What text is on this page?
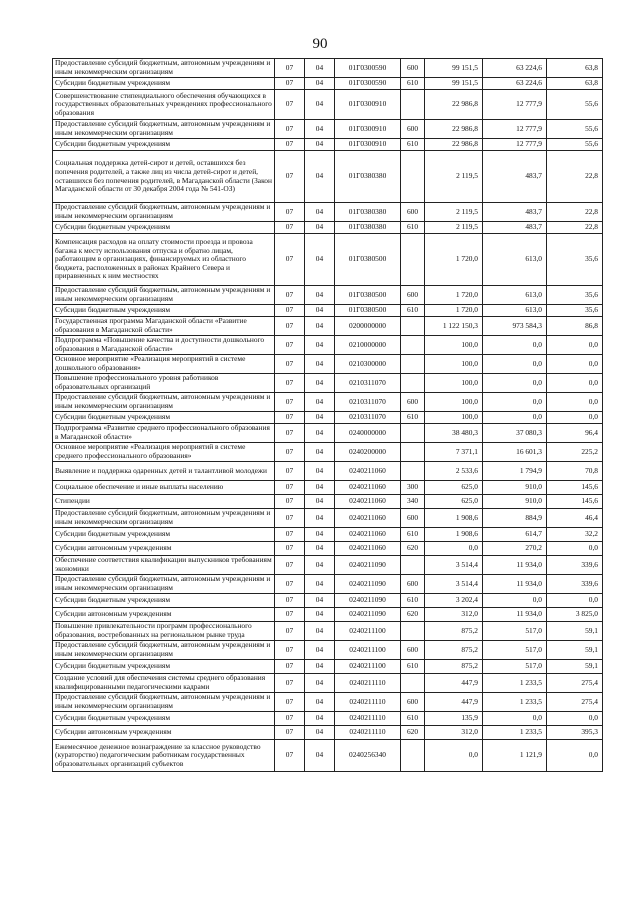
90
Предоставление субсидий бюджетным, автономным учреждениям и иным некоммерческим организациям	07	04	01Г0300590	600	99 151,5	63 224,6	63,8
Субсидии бюджетным учреждениям	07	04	01Г0300590	610	99 151,5	63 224,6	63,8
Совершенствование стипендиального обеспечения обучающихся в государственных образовательных учреждениях профессионального образования	07	04	01Г0300910		22 986,8	12 777,9	55,6
Предоставление субсидий бюджетным, автономным учреждениям и иным некоммерческим организациям	07	04	01Г0300910	600	22 986,8	12 777,9	55,6
Субсидии бюджетным учреждениям	07	04	01Г0300910	610	22 986,8	12 777,9	55,6
Социальная поддержка детей-сирот и детей, оставшихся без попечения родителей, а также лиц из числа детей-сирот и детей, оставшихся без попечения родителей, в Магаданской области (Закон Магаданской области от 30 декабря 2004 года № 541-ОЗ)	07	04	01Г0380380		2 119,5	483,7	22,8
Предоставление субсидий бюджетным, автономным учреждениям и иным некоммерческим организациям	07	04	01Г0380380	600	2 119,5	483,7	22,8
Субсидии бюджетным учреждениям	07	04	01Г0380380	610	2 119,5	483,7	22,8
Компенсация расходов на оплату стоимости проезда и провоза багажа к месту использования отпуска и обратно лицам, работающим в организациях, финансируемых из областного бюджета, расположенных в районах Крайнего Севера и приравненных к ним местностях	07	04	01Г0380500		1 720,0	613,0	35,6
Предоставление субсидий бюджетным, автономным учреждениям и иным некоммерческим организациям	07	04	01Г0380500	600	1 720,0	613,0	35,6
Субсидии бюджетным учреждениям	07	04	01Г0380500	610	1 720,0	613,0	35,6
Государственная программа Магаданской области «Развитие образования в Магаданской области»	07	04	0200000000		1 122 150,3	973 584,3	86,8
Подпрограмма «Повышение качества и доступности дошкольного образования в Магаданской области»	07	04	0210000000		100,0	0,0	0,0
Основное мероприятие «Реализация мероприятий в системе дошкольного образования»	07	04	0210300000		100,0	0,0	0,0
Повышение профессионального уровня работников образовательных организаций	07	04	0210311070		100,0	0,0	0,0
Предоставление субсидий бюджетным, автономным учреждениям и иным некоммерческим организациям	07	04	0210311070	600	100,0	0,0	0,0
Субсидии бюджетным учреждениям	07	04	0210311070	610	100,0	0,0	0,0
Подпрограмма «Развитие среднего профессионального образования в Магаданской области»	07	04	0240000000		38 480,3	37 080,3	96,4
Основное мероприятие «Реализация мероприятий в системе среднего профессионального образования»	07	04	0240200000		7 371,1	16 601,3	225,2
Выявление и поддержка одаренных детей и талантливой молодежи	07	04	0240211060		2 533,6	1 794,9	70,8
Социальное обеспечение и иные выплаты населению	07	04	0240211060	300	625,0	910,0	145,6
Стипендии	07	04	0240211060	340	625,0	910,0	145,6
Предоставление субсидий бюджетным, автономным учреждениям и иным некоммерческим организациям	07	04	0240211060	600	1 908,6	884,9	46,4
Субсидии бюджетным учреждениям	07	04	0240211060	610	1 908,6	614,7	32,2
Субсидии автономным учреждениям	07	04	0240211060	620	0,0	270,2	0,0
Обеспечение соответствия квалификации выпускников требованиям экономики	07	04	0240211090		3 514,4	11 934,0	339,6
Предоставление субсидий бюджетным, автономным учреждениям и иным некоммерческим организациям	07	04	0240211090	600	3 514,4	11 934,0	339,6
Субсидии бюджетным учреждениям	07	04	0240211090	610	3 202,4	0,0	0,0
Субсидии автономным учреждениям	07	04	0240211090	620	312,0	11 934,0	3 825,0
Повышение привлекательности программ профессионального образования, востребованных на региональном рынке труда	07	04	0240211100		875,2	517,0	59,1
Предоставление субсидий бюджетным, автономным учреждениям и иным некоммерческим организациям	07	04	0240211100	600	875,2	517,0	59,1
Субсидии бюджетным учреждениям	07	04	0240211100	610	875,2	517,0	59,1
Создание условий для обеспечения системы среднего образования квалифицированными педагогическими кадрами	07	04	0240211110		447,9	1 233,5	275,4
Предоставление субсидий бюджетным, автономным учреждениям и иным некоммерческим организациям	07	04	0240211110	600	447,9	1 233,5	275,4
Субсидии бюджетным учреждениям	07	04	0240211110	610	135,9	0,0	0,0
Субсидии автономным учреждениям	07	04	0240211110	620	312,0	1 233,5	395,3
Ежемесячное денежное вознаграждение за классное руководство (кураторство) педагогическим работникам государственных образовательных организаций субъектов	07	04	0240256340		0,0	1 121,9	0,0
